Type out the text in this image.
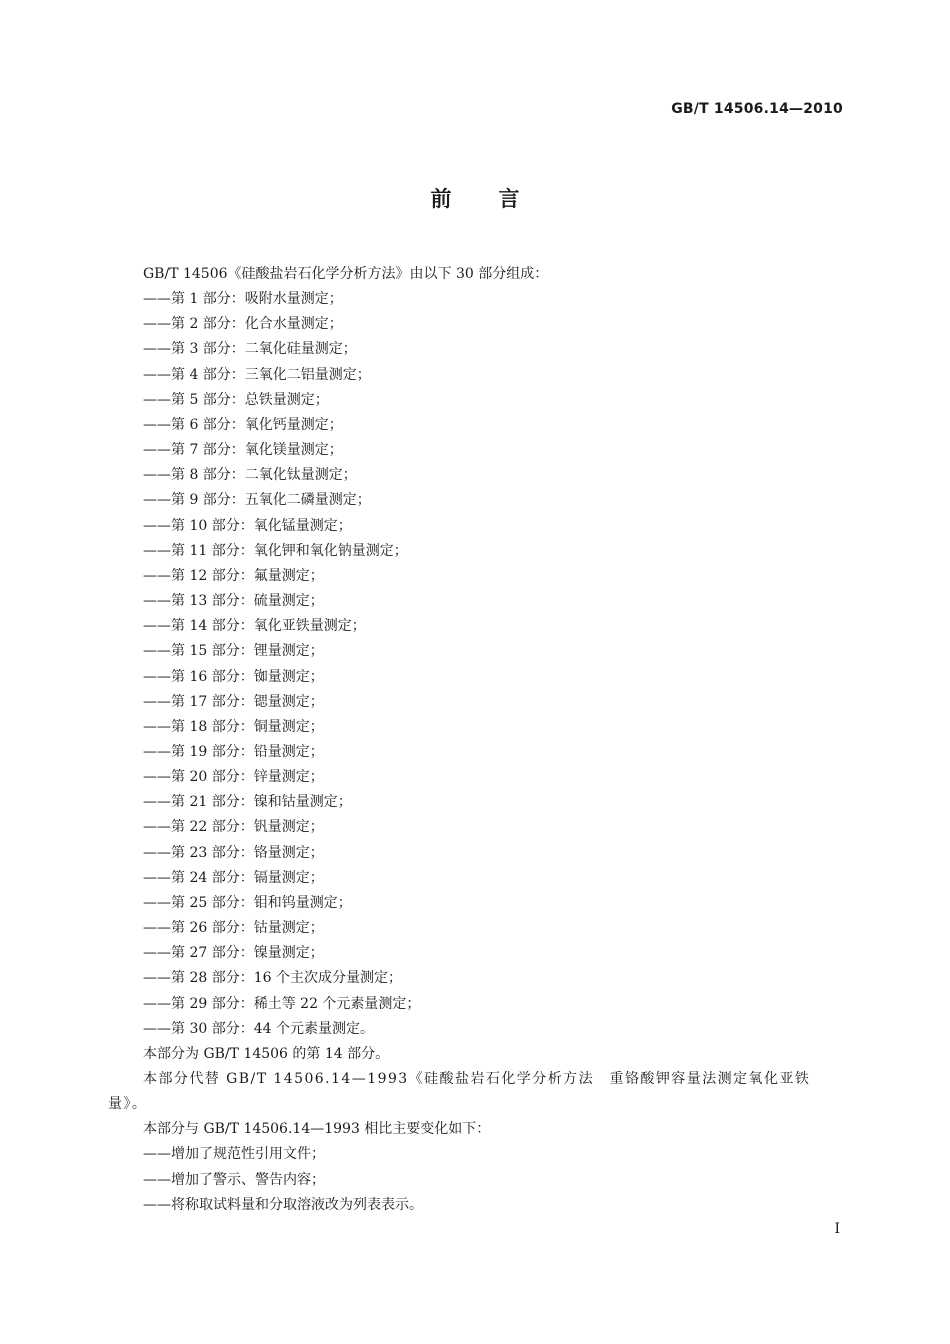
GB/T 14506.14—2010
前言

GB/T 14506《硅酸盐岩石化学分析方法》由以下 30 部分组成：

——第 1 部分：吸附水量测定；

——第 2 部分：化合水量测定；

——第 3 部分：二氧化硅量测定；

——第 4 部分：三氧化二铝量测定；

——第 5 部分：总铁量测定；

——第 6 部分：氧化钙量测定；

——第 7 部分：氧化镁量测定；

——第 8 部分：二氧化钛量测定；

——第 9 部分：五氧化二磷量测定；

——第 10 部分：氧化锰量测定；

——第 11 部分：氧化钾和氧化钠量测定；

——第 12 部分：氟量测定；

——第 13 部分：硫量测定；

——第 14 部分：氧化亚铁量测定；

——第 15 部分：锂量测定；

——第 16 部分：铷量测定；

——第 17 部分：锶量测定；

——第 18 部分：铜量测定；

——第 19 部分：铅量测定；

——第 20 部分：锌量测定；

——第 21 部分：镍和钴量测定；

——第 22 部分：钒量测定；

——第 23 部分：铬量测定；

——第 24 部分：镉量测定；

——第 25 部分：钼和钨量测定；

——第 26 部分：钴量测定；

——第 27 部分：镍量测定；

——第 28 部分：16 个主次成分量测定；

——第 29 部分：稀土等 22 个元素量测定；

——第 30 部分：44 个元素量测定。

本部分为 GB/T 14506 的第 14 部分。

本部分代替 GB/T 14506.14—1993《硅酸盐岩石化学分析方法　重铬酸钾容量法测定氧化亚铁量》。

本部分与 GB/T 14506.14—1993 相比主要变化如下：

——增加了规范性引用文件；

——增加了警示、警告内容；

——将称取试料量和分取溶液改为列表表示。

I
